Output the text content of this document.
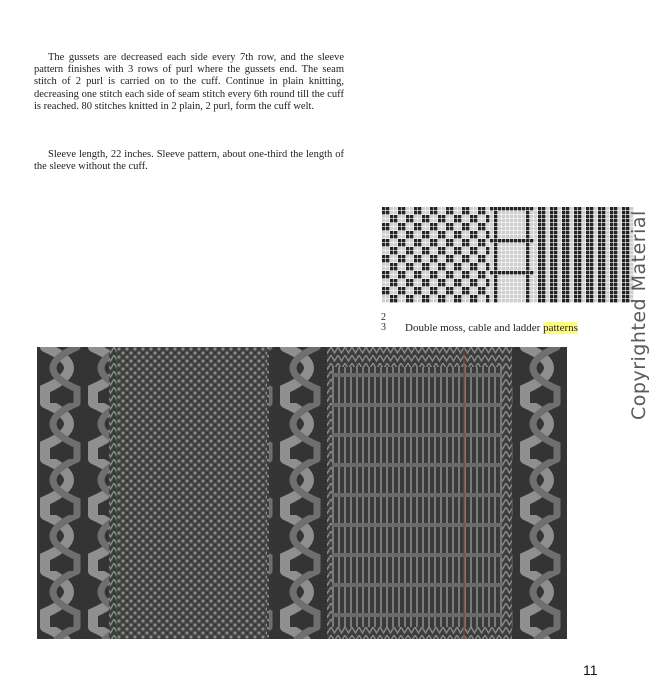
The gussets are decreased each side every 7th row, and the sleeve pattern finishes with 3 rows of purl where the gussets end. The seam stitch of 2 purl is carried on to the cuff. Continue in plain knitting, decreasing one stitch each side of seam stitch every 6th round till the cuff is reached. 80 stitches knitted in 2 plain, 2 purl, form the cuff welt.

Sleeve length, 22 inches. Sleeve pattern, about one-third the length of the sleeve without the cuff.

2
3 Double moss, cable and ladder patterns	Copyrighted Material
11
